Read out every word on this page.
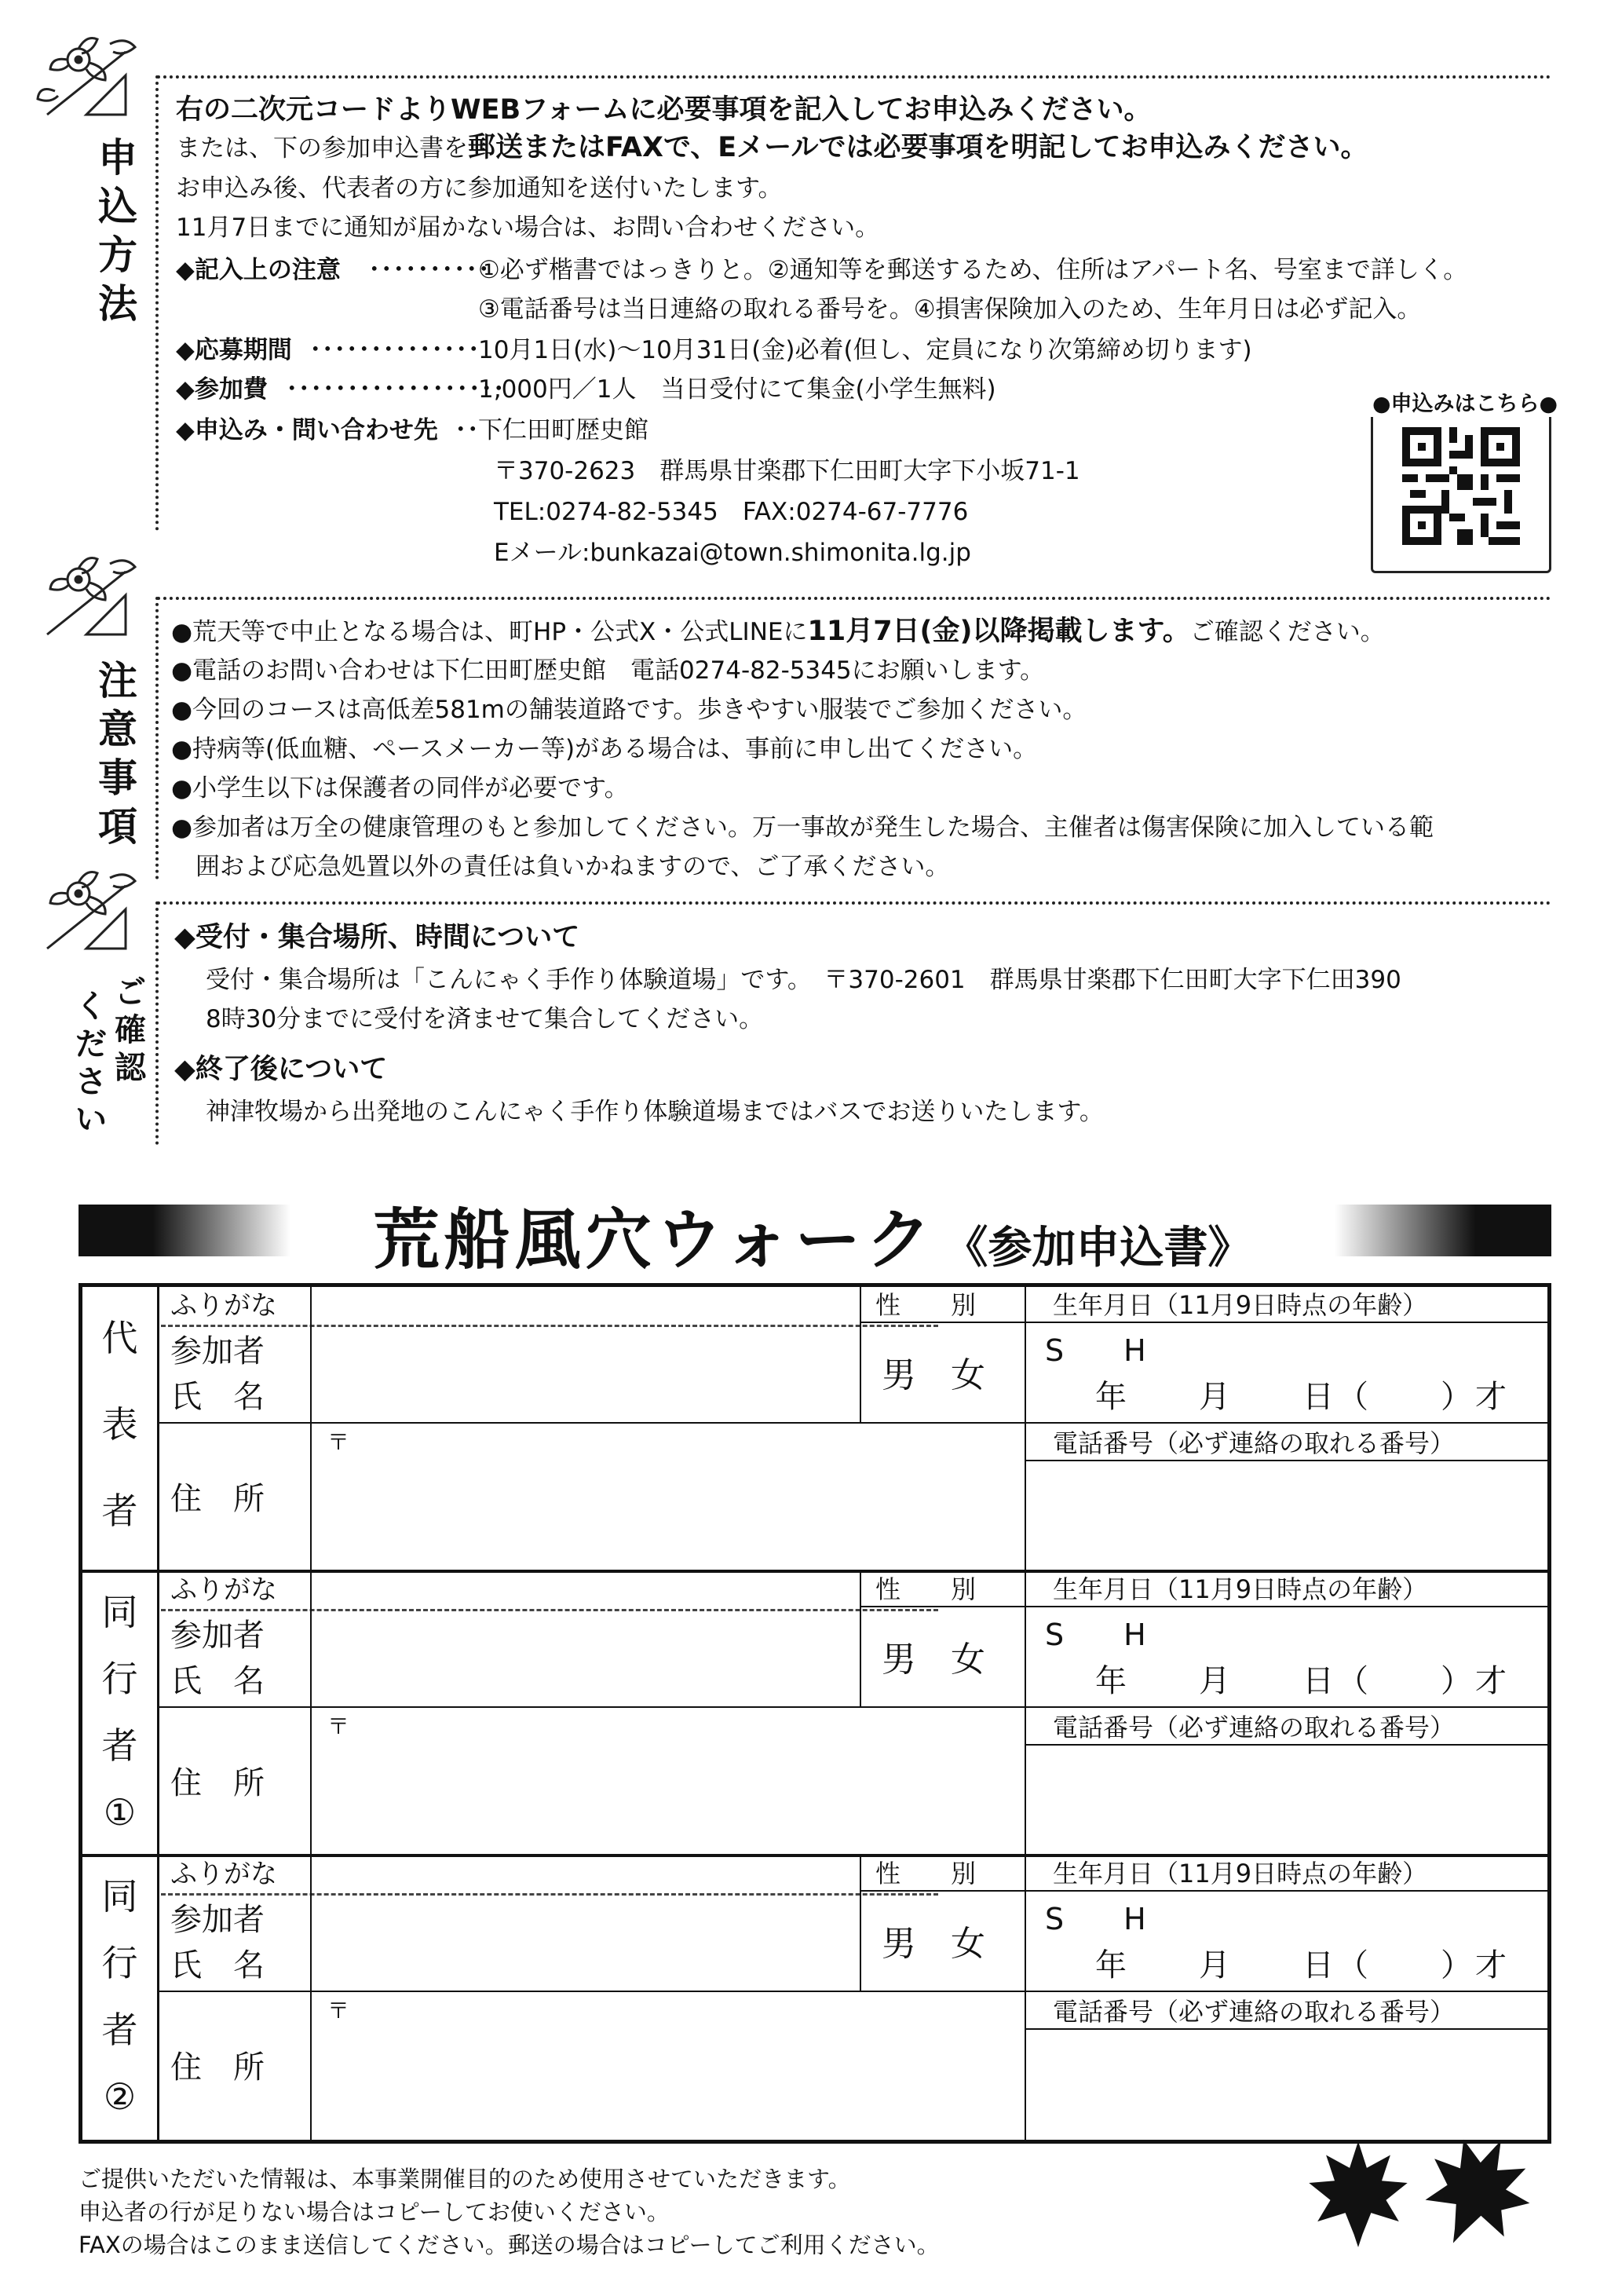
申
込
方
法
右の二次元コードよりWEBフォームに必要事項を記入してお申込みください。
または、下の参加申込書を郵送またはFAXで、Eメールでは必要事項を明記してお申込みください。
お申込み後、代表者の方に参加通知を送付いたします。
11月7日までに通知が届かない場合は、お問い合わせください。
◆記入上の注意 ･･････････①必ず楷書ではっきりと。②通知等を郵送するため、住所はアパート名、号室まで詳しく。
③電話番号は当日連絡の取れる番号を。④損害保険加入のため、生年月日は必ず記入。
◆応募期間 ･･････････････10月1日(水)～10月31日(金)必着(但し、定員になり次第締め切ります)
◆参加費 ･･････････････････1,000円／1人　当日受付にて集金(小学生無料)
◆申込み・問い合わせ先 ･･下仁田町歴史館
〒370-2623　群馬県甘楽郡下仁田町大字下小坂71-1
TEL:0274-82-5345　FAX:0274-67-7776
Eメール:bunkazai@town.shimonita.lg.jp
●申込みはこちら●
注
意
事
項
●荒天等で中止となる場合は、町HP・公式X・公式LINEに11月7日(金)以降掲載します。ご確認ください。
●電話のお問い合わせは下仁田町歴史館　電話0274-82-5345にお願いします。
●今回のコースは高低差581mの舗装道路です。歩きやすい服装でご参加ください。
●持病等(低血糖、ペースメーカー等)がある場合は、事前に申し出てください。
●小学生以下は保護者の同伴が必要です。
●参加者は万全の健康管理のもと参加してください。万一事故が発生した場合、主催者は傷害保険に加入している範
　囲および応急処置以外の責任は負いかねますので、ご了承ください。
ご
確
認
く
だ
さ
い
◆受付・集合場所、時間について
受付・集合場所は「こんにゃく手作り体験道場」です。　〒370-2601　群馬県甘楽郡下仁田町大字下仁田390
8時30分までに受付を済ませて集合してください。
◆終了後について
神津牧場から出発地のこんにゃく手作り体験道場まではバスでお送りいたします。
荒船風穴ウォーク 《参加申込書》
代
表
者
ふりがな
参加者
氏　名
〒
住　所
性　　別
男　女
生年月日（11月9日時点の年齢）
S　　H
年　　月　　日（　　）才
電話番号（必ず連絡の取れる番号）
同
行
者
①
ふりがな
参加者
氏　名
〒
住　所
性　　別
男　女
生年月日（11月9日時点の年齢）
S　　H
年　　月　　日（　　）才
電話番号（必ず連絡の取れる番号）
同
行
者
②
ふりがな
参加者
氏　名
〒
住　所
性　　別
男　女
生年月日（11月9日時点の年齢）
S　　H
年　　月　　日（　　）才
電話番号（必ず連絡の取れる番号）
ご提供いただいた情報は、本事業開催目的のため使用させていただきます。
申込者の行が足りない場合はコピーしてお使いください。
FAXの場合はこのまま送信してください。郵送の場合はコピーしてご利用ください。
